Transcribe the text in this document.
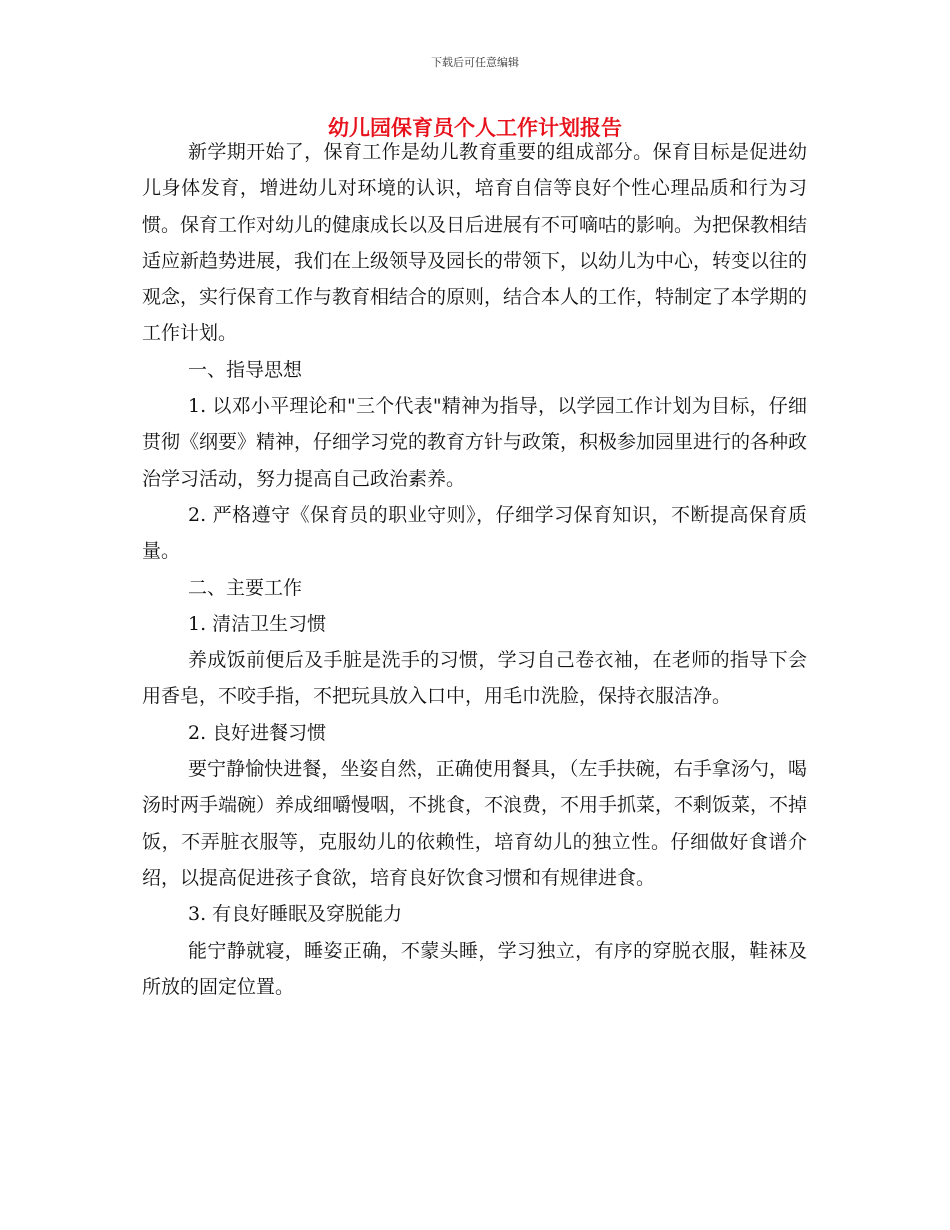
下载后可任意编辑
幼儿园保育员个人工作计划报告

新学期开始了，保育工作是幼儿教育重要的组成部分。保育目标是促进幼儿身体发育，增进幼儿对环境的认识，培育自信等良好个性心理品质和行为习惯。保育工作对幼儿的健康成长以及日后进展有不可嘀咕的影响。为把保教相结适应新趋势进展，我们在上级领导及园长的带领下，以幼儿为中心，转变以往的观念，实行保育工作与教育相结合的原则，结合本人的工作，特制定了本学期的工作计划。

一、指导思想

1. 以邓小平理论和"三个代表"精神为指导，以学园工作计划为目标，仔细贯彻《纲要》精神，仔细学习党的教育方针与政策，积极参加园里进行的各种政治学习活动，努力提高自己政治素养。

2. 严格遵守《保育员的职业守则》，仔细学习保育知识，不断提高保育质量。

二、主要工作

1. 清洁卫生习惯

养成饭前便后及手脏是洗手的习惯，学习自己卷衣袖，在老师的指导下会用香皂，不咬手指，不把玩具放入口中，用毛巾洗脸，保持衣服洁净。

2. 良好进餐习惯

要宁静愉快进餐，坐姿自然，正确使用餐具，（左手扶碗，右手拿汤勺，喝汤时两手端碗）养成细嚼慢咽，不挑食，不浪费，不用手抓菜，不剩饭菜，不掉饭，不弄脏衣服等，克服幼儿的依赖性，培育幼儿的独立性。仔细做好食谱介绍，以提高促进孩子食欲，培育良好饮食习惯和有规律进食。

3. 有良好睡眠及穿脱能力

能宁静就寝，睡姿正确，不蒙头睡，学习独立，有序的穿脱衣服，鞋袜及所放的固定位置。
